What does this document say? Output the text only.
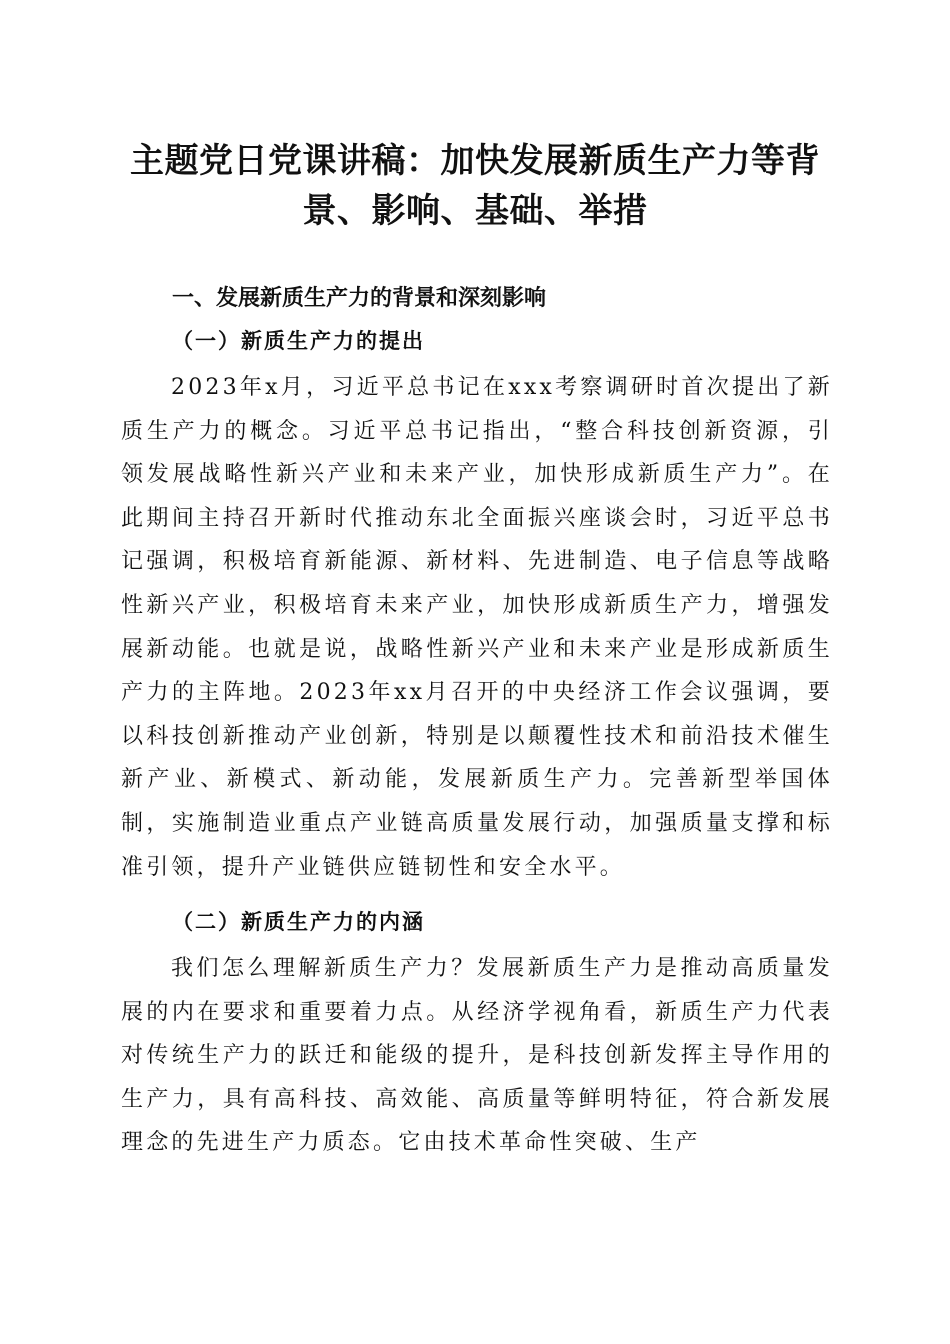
主题党日党课讲稿：加快发展新质生产力等背景、影响、基础、举措
一、发展新质生产力的背景和深刻影响
（一）新质生产力的提出

2023年x月，习近平总书记在xxx考察调研时首次提出了新质生产力的概念。习近平总书记指出，“整合科技创新资源，引领发展战略性新兴产业和未来产业，加快形成新质生产力”。在此期间主持召开新时代推动东北全面振兴座谈会时，习近平总书记强调，积极培育新能源、新材料、先进制造、电子信息等战略性新兴产业，积极培育未来产业，加快形成新质生产力，增强发展新动能。也就是说，战略性新兴产业和未来产业是形成新质生产力的主阵地。2023年xx月召开的中央经济工作会议强调，要以科技创新推动产业创新，特别是以颠覆性技术和前沿技术催生新产业、新模式、新动能，发展新质生产力。完善新型举国体制，实施制造业重点产业链高质量发展行动，加强质量支撑和标准引领，提升产业链供应链韧性和安全水平。

（二）新质生产力的内涵

我们怎么理解新质生产力？发展新质生产力是推动高质量发展的内在要求和重要着力点。从经济学视角看，新质生产力代表对传统生产力的跃迁和能级的提升，是科技创新发挥主导作用的生产力，具有高科技、高效能、高质量等鲜明特征，符合新发展理念的先进生产力质态。它由技术革命性突破、生产
